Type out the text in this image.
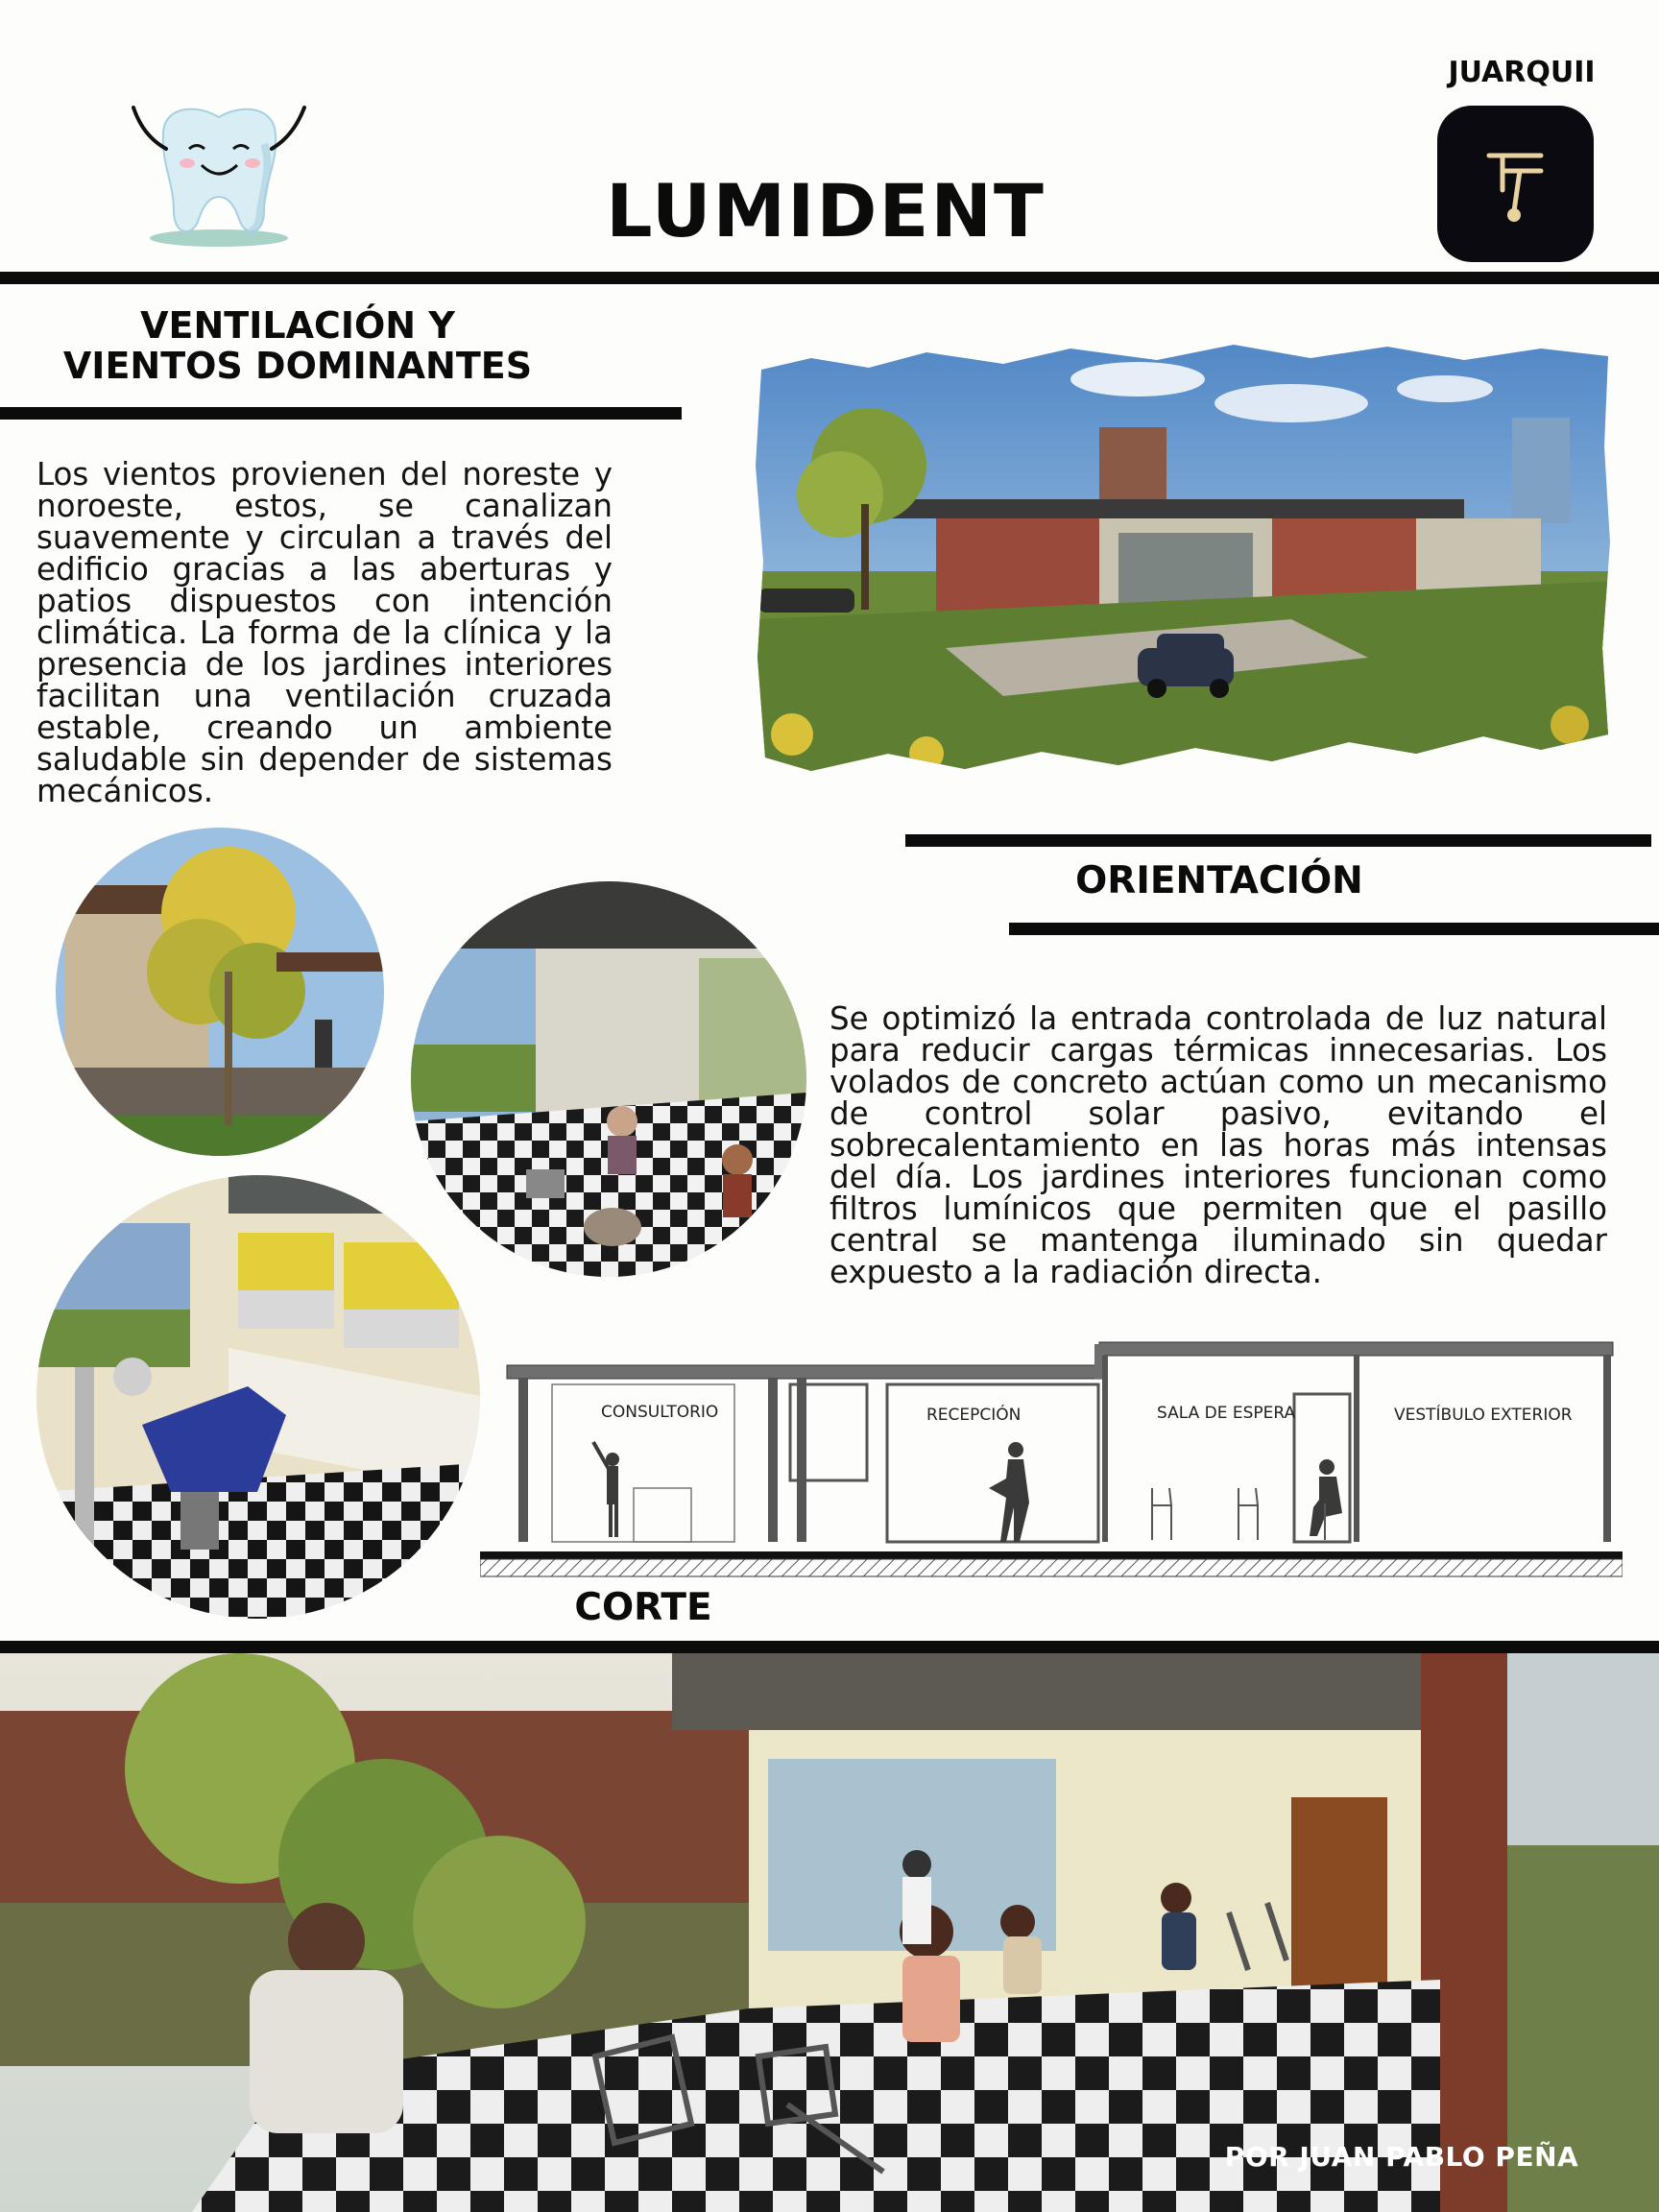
LUMIDENT
JUARQUII
VENTILACIÓN Y
VIENTOS DOMINANTES
Los vientos provienen del noreste y noroeste, estos, se canalizan suavemente y circulan a través del edificio gracias a las aberturas y patios dispuestos con intención climática. La forma de la clínica y la presencia de los jardines interiores facilitan una ventilación cruzada estable, creando un ambiente saludable sin depender de sistemas mecánicos.
ORIENTACIÓN
Se optimizó la entrada controlada de luz natural para reducir cargas térmicas innecesarias. Los volados de concreto actúan como un mecanismo de control solar pasivo, evitando el sobrecalentamiento en las horas más intensas del día. Los jardines interiores funcionan como filtros lumínicos que permiten que el pasillo central se mantenga iluminado sin quedar expuesto a la radiación directa.
CONSULTORIO	RECEPCIÓN	SALA DE ESPERA	VESTÍBULO EXTERIOR
CORTE
POR JUAN PABLO PEÑA
